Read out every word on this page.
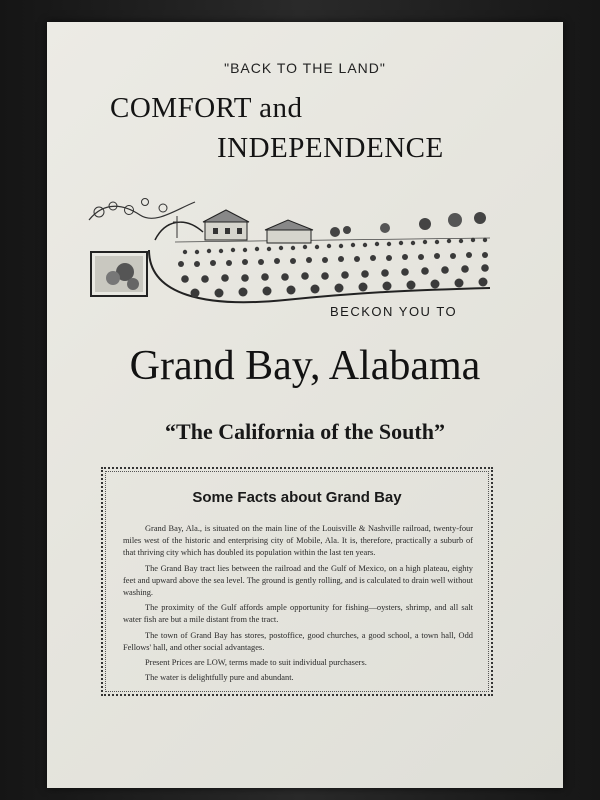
"BACK TO THE LAND"
COMFORT and
INDEPENDENCE
BECKON YOU TO
Grand Bay, Alabama
“The California of the South”
Some Facts about Grand Bay

Grand Bay, Ala., is situated on the main line of the Louisville & Nashville railroad, twenty-four miles west of the historic and enterprising city of Mobile, Ala. It is, therefore, practically a suburb of that thriving city which has doubled its population within the last ten years.

The Grand Bay tract lies between the railroad and the Gulf of Mexico, on a high plateau, eighty feet and upward above the sea level. The ground is gently rolling, and is calculated to drain well without washing.

The proximity of the Gulf affords ample opportunity for fishing—oysters, shrimp, and all salt water fish are but a mile distant from the tract.

The town of Grand Bay has stores, postoffice, good churches, a good school, a town hall, Odd Fellows' hall, and other social advantages.

Present Prices are LOW, terms made to suit individual purchasers.

The water is delightfully pure and abundant.
